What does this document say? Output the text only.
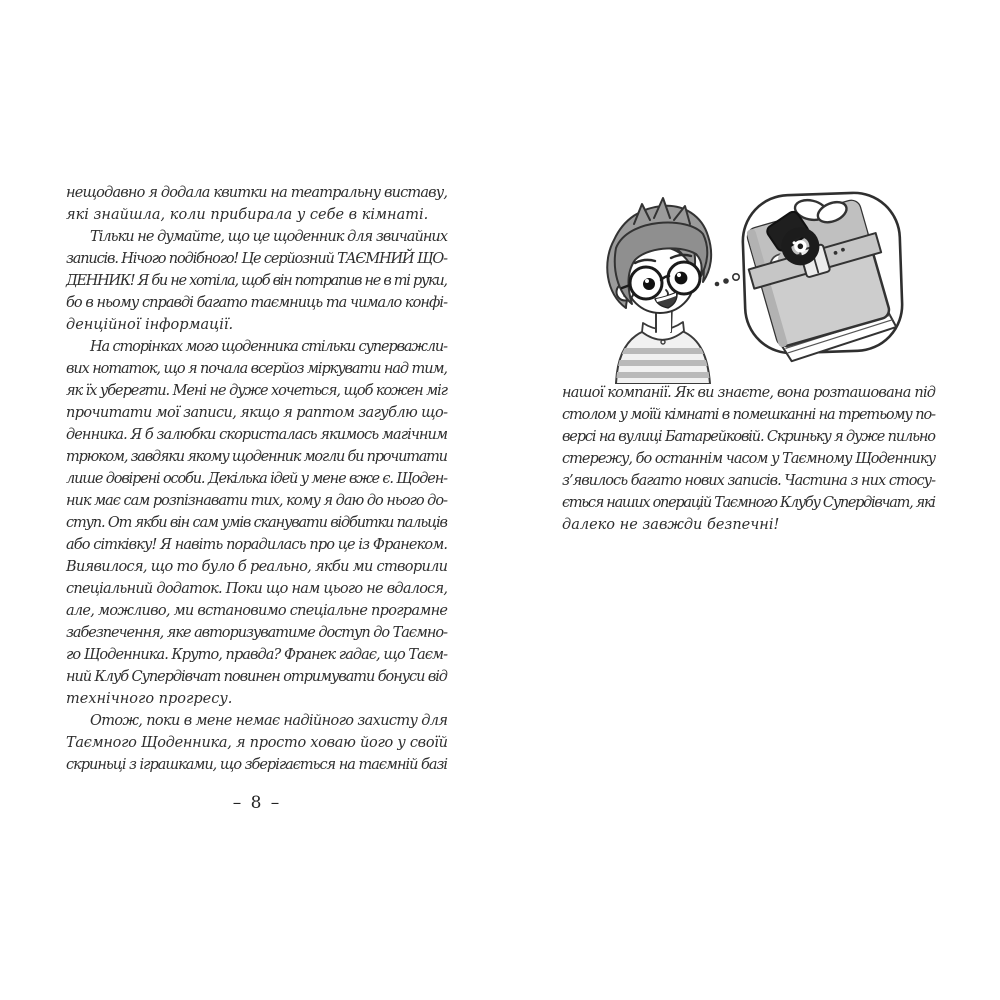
нещодавно я додала квитки на театральну виставу,
які знайшла, коли прибирала у себе в кімнаті.
Тільки не думайте, що це щоденник для звичайних
записів. Нічого подібного! Це серйозний ТАЄМНИЙ ЩО-
ДЕННИК! Я би не хотіла, щоб він потрапив не в ті руки,
бо в ньому справді багато таємниць та чимало конфі-
денційної інформації.
На сторінках мого щоденника стільки суперважли-
вих нотаток, що я почала всерйоз міркувати над тим,
як їх уберегти. Мені не дуже хочеться, щоб кожен міг
прочитати мої записи, якщо я раптом загублю що-
денника. Я б залюбки скористалась якимось магічним
трюком, завдяки якому щоденник могли би прочитати
лише довірені особи. Декілька ідей у мене вже є. Щоден-
ник має сам розпізнавати тих, кому я даю до нього до-
ступ. От якби він сам умів сканувати відбитки пальців
або сітківку! Я навіть порадилась про це із Франеком.
Виявилося, що то було б реально, якби ми створили
спеціальний додаток. Поки що нам цього не вдалося,
але, можливо, ми встановимо спеціальне програмне
забезпечення, яке авторизуватиме доступ до Таємно-
го Щоденника. Круто, правда? Франек гадає, що Таєм-
ний Клуб Супердівчат повинен отримувати бонуси від
технічного прогресу.
Отож, поки в мене немає надійного захисту для
Таємного Щоденника, я просто ховаю його у своїй
скриньці з іграшками, що зберігається на таємній базі
– 8 –
нашої компанії. Як ви знаєте, вона розташована під
столом у моїй кімнаті в помешканні на третьому по-
версі на вулиці Батарейковій. Скриньку я дуже пильно
стережу, бо останнім часом у Таємному Щоденнику
з’явилось багато нових записів. Частина з них стосу-
ється наших операцій Таємного Клубу Супердівчат, які
далеко не завжди безпечні!
